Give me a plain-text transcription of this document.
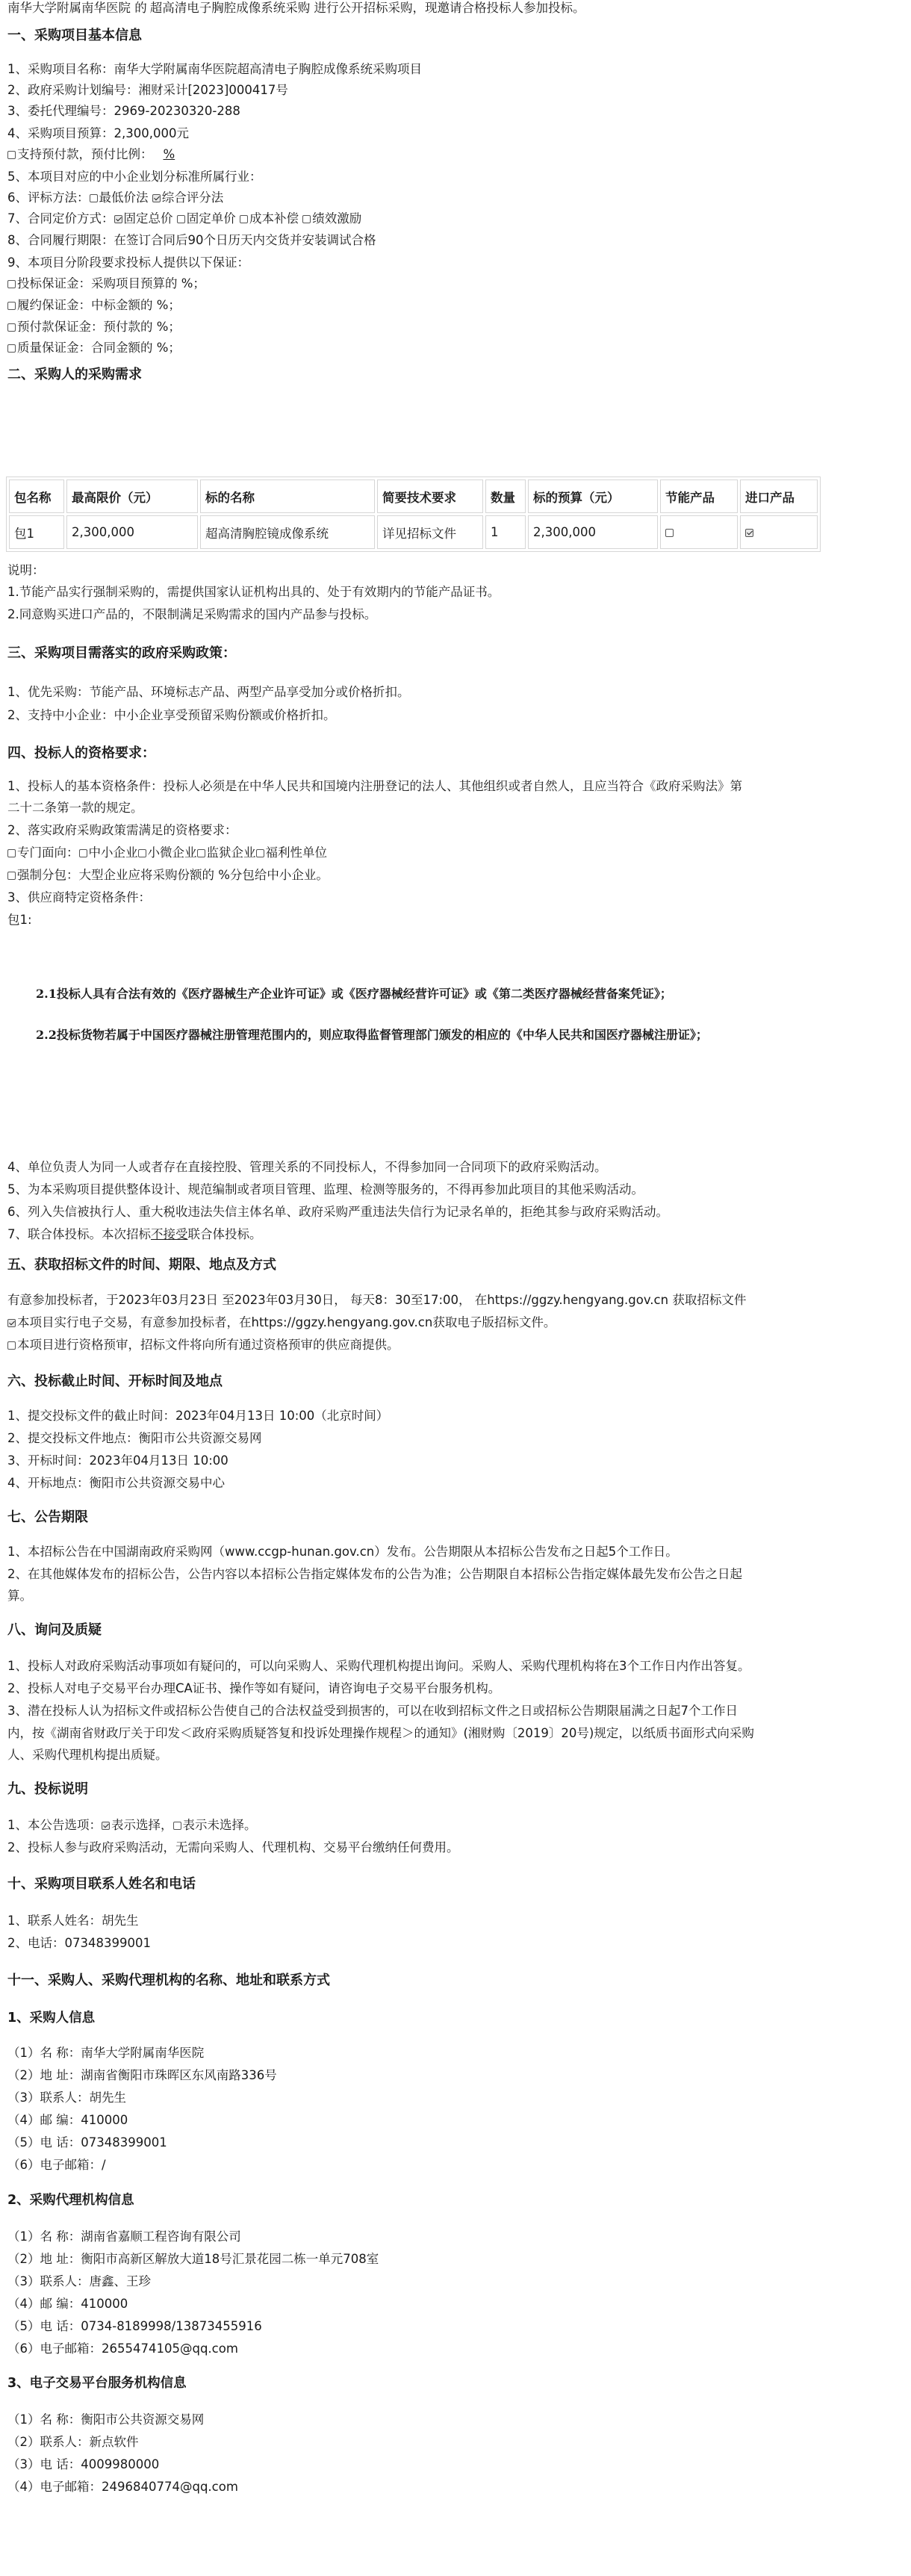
南华大学附属南华医院 的 超高清电子胸腔成像系统采购 进行公开招标采购，现邀请合格投标人参加投标。
一、采购项目基本信息
1、采购项目名称：南华大学附属南华医院超高清电子胸腔成像系统采购项目
2、政府采购计划编号：湘财采计[2023]000417号
3、委托代理编号：2969-20230320-288
4、采购项目预算：2,300,000元
支持预付款，预付比例： %
5、本项目对应的中小企业划分标准所属行业：
6、评标方法： 最低价法 综合评分法
7、合同定价方式： 固定总价 固定单价 成本补偿 绩效激励
8、合同履行期限：在签订合同后90个日历天内交货并安装调试合格
9、本项目分阶段要求投标人提供以下保证：
投标保证金：采购项目预算的 %；
履约保证金：中标金额的 %；
预付款保证金：预付款的 %；
质量保证金：合同金额的 %；
二、采购人的采购需求
包名称	最高限价（元）	标的名称	简要技术要求	数量	标的预算（元）	节能产品	进口产品
包1	2,300,000	超高清胸腔镜成像系统	详见招标文件	1	2,300,000		
说明：
1.节能产品实行强制采购的，需提供国家认证机构出具的、处于有效期内的节能产品证书。
2.同意购买进口产品的，不限制满足采购需求的国内产品参与投标。
三、采购项目需落实的政府采购政策：
1、优先采购：节能产品、环境标志产品、两型产品享受加分或价格折扣。
2、支持中小企业：中小企业享受预留采购份额或价格折扣。
四、投标人的资格要求：
1、投标人的基本资格条件：投标人必须是在中华人民共和国境内注册登记的法人、其他组织或者自然人，且应当符合《政府采购法》第
二十二条第一款的规定。
2、落实政府采购政策需满足的资格要求：
专门面向： 中小企业 小微企业 监狱企业 福利性单位
强制分包：大型企业应将采购份额的 %分包给中小企业。
3、供应商特定资格条件：
包1:
2.1投标人具有合法有效的《医疗器械生产企业许可证》或《医疗器械经营许可证》或《第二类医疗器械经营备案凭证》；
2.2投标货物若属于中国医疗器械注册管理范围内的，则应取得监督管理部门颁发的相应的《中华人民共和国医疗器械注册证》；
4、单位负责人为同一人或者存在直接控股、管理关系的不同投标人，不得参加同一合同项下的政府采购活动。
5、为本采购项目提供整体设计、规范编制或者项目管理、监理、检测等服务的，不得再参加此项目的其他采购活动。
6、列入失信被执行人、重大税收违法失信主体名单、政府采购严重违法失信行为记录名单的，拒绝其参与政府采购活动。
7、联合体投标。本次招标不接受联合体投标。
五、获取招标文件的时间、期限、地点及方式
有意参加投标者，于2023年03月23日 至2023年03月30日， 每天8：30至17:00， 在https://ggzy.hengyang.gov.cn 获取招标文件
本项目实行电子交易，有意参加投标者，在https://ggzy.hengyang.gov.cn获取电子版招标文件。
本项目进行资格预审，招标文件将向所有通过资格预审的供应商提供。
六、投标截止时间、开标时间及地点
1、提交投标文件的截止时间：2023年04月13日 10:00（北京时间）
2、提交投标文件地点：衡阳市公共资源交易网
3、开标时间：2023年04月13日 10:00
4、开标地点：衡阳市公共资源交易中心
七、公告期限
1、本招标公告在中国湖南政府采购网（www.ccgp-hunan.gov.cn）发布。公告期限从本招标公告发布之日起5个工作日。
2、在其他媒体发布的招标公告，公告内容以本招标公告指定媒体发布的公告为准；公告期限自本招标公告指定媒体最先发布公告之日起
算。
八、询问及质疑
1、投标人对政府采购活动事项如有疑问的，可以向采购人、采购代理机构提出询问。采购人、采购代理机构将在3个工作日内作出答复。
2、投标人对电子交易平台办理CA证书、操作等如有疑问，请咨询电子交易平台服务机构。
3、潜在投标人认为招标文件或招标公告使自己的合法权益受到损害的，可以在收到招标文件之日或招标公告期限届满之日起7个工作日
内，按《湖南省财政厅关于印发＜政府采购质疑答复和投诉处理操作规程＞的通知》(湘财购〔2019〕20号)规定，以纸质书面形式向采购
人、采购代理机构提出质疑。
九、投标说明
1、本公告选项： 表示选择， 表示未选择。
2、投标人参与政府采购活动，无需向采购人、代理机构、交易平台缴纳任何费用。
十、采购项目联系人姓名和电话
1、联系人姓名：胡先生
2、电话：07348399001
十一、采购人、采购代理机构的名称、地址和联系方式
1、采购人信息
（1）名 称：南华大学附属南华医院
（2）地 址：湖南省衡阳市珠晖区东风南路336号
（3）联系人：胡先生
（4）邮 编：410000
（5）电 话：07348399001
（6）电子邮箱：/
2、采购代理机构信息
（1）名 称：湖南省嘉顺工程咨询有限公司
（2）地 址：衡阳市高新区解放大道18号汇景花园二栋一单元708室
（3）联系人：唐鑫、王珍
（4）邮 编：410000
（5）电 话：0734-8189998/13873455916
（6）电子邮箱：2655474105@qq.com
3、电子交易平台服务机构信息
（1）名 称：衡阳市公共资源交易网
（2）联系人：新点软件
（3）电 话：4009980000
（4）电子邮箱：2496840774@qq.com
